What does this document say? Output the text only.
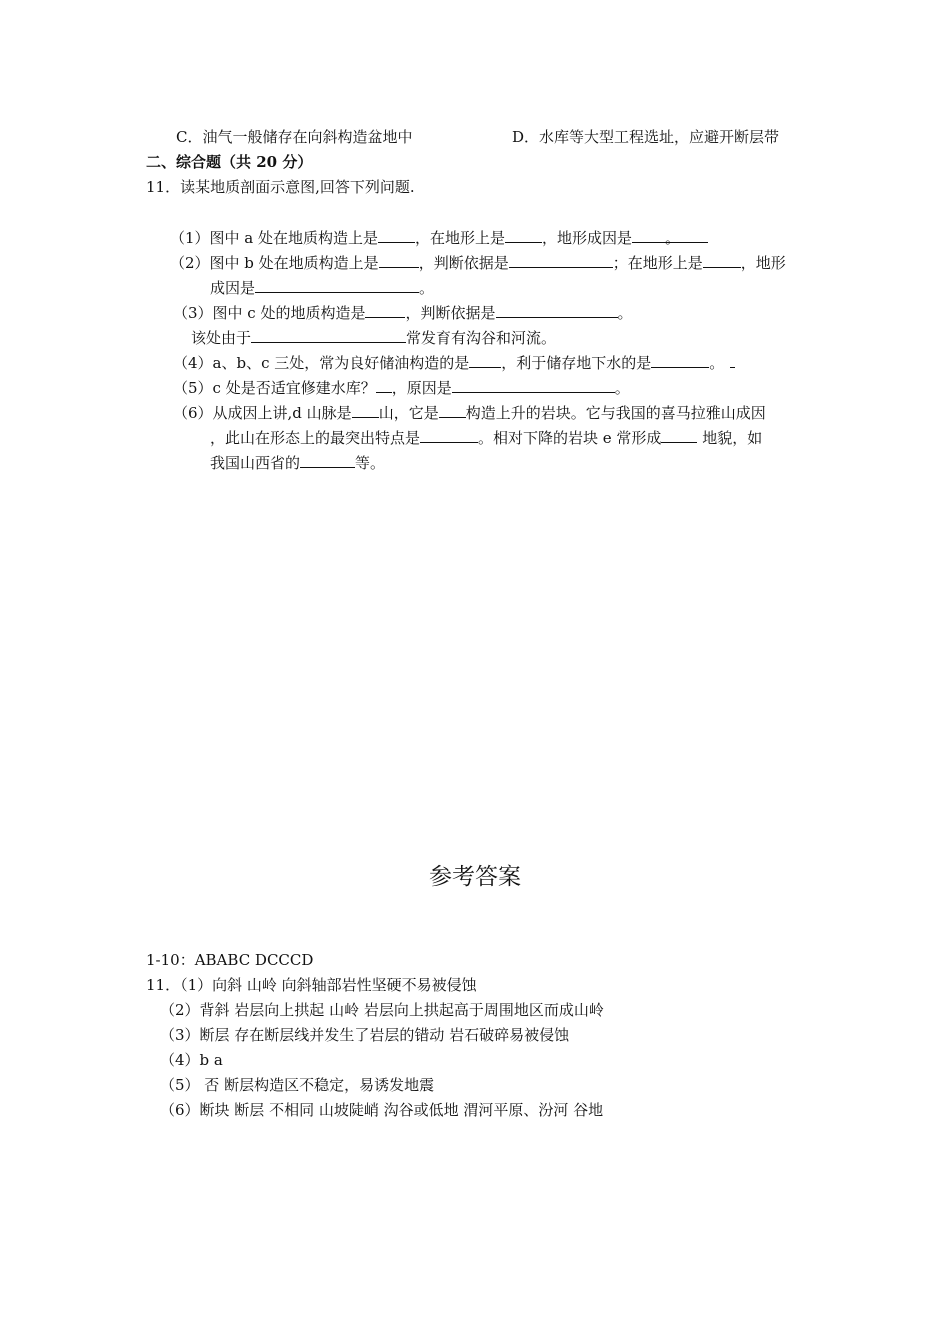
C．油气一般储存在向斜构造盆地中	D．水库等大型工程选址，应避开断层带
二、综合题（共 20 分）
11．读某地质剖面示意图,回答下列问题.
（1）图中 a 处在地质构造上是 ，在地形上是 ，地形成因是 。
（2）图中 b 处在地质构造上是	，判断依据是	；在地形上是	，地形
成因是	。
（3）图中 c 处的地质构造是	，判断依据是	。
该处由于	常发育有沟谷和河流。
（4）a、b、c 三处，常为良好储油构造的是 ，利于储存地下水的是	。
（5）c 处是否适宜修建水库？ ，原因是	。
（6）从成因上讲,d 山脉是 山，它是 构造上升的岩块。它与我国的喜马拉雅山成因
，此山在形态上的最突出特点是	。相对下降的岩块 e 常形成 地貌，如
我国山西省的	等。
参考答案
1-10：ABABC DCCCD
11．（1）向斜 山岭 向斜轴部岩性坚硬不易被侵蚀
（2）背斜 岩层向上拱起 山岭 岩层向上拱起高于周围地区而成山岭
（3）断层 存在断层线并发生了岩层的错动 岩石破碎易被侵蚀
（4）b a
（5） 否 断层构造区不稳定，易诱发地震
（6）断块 断层 不相同 山坡陡峭 沟谷或低地 渭河平原、汾河 谷地
